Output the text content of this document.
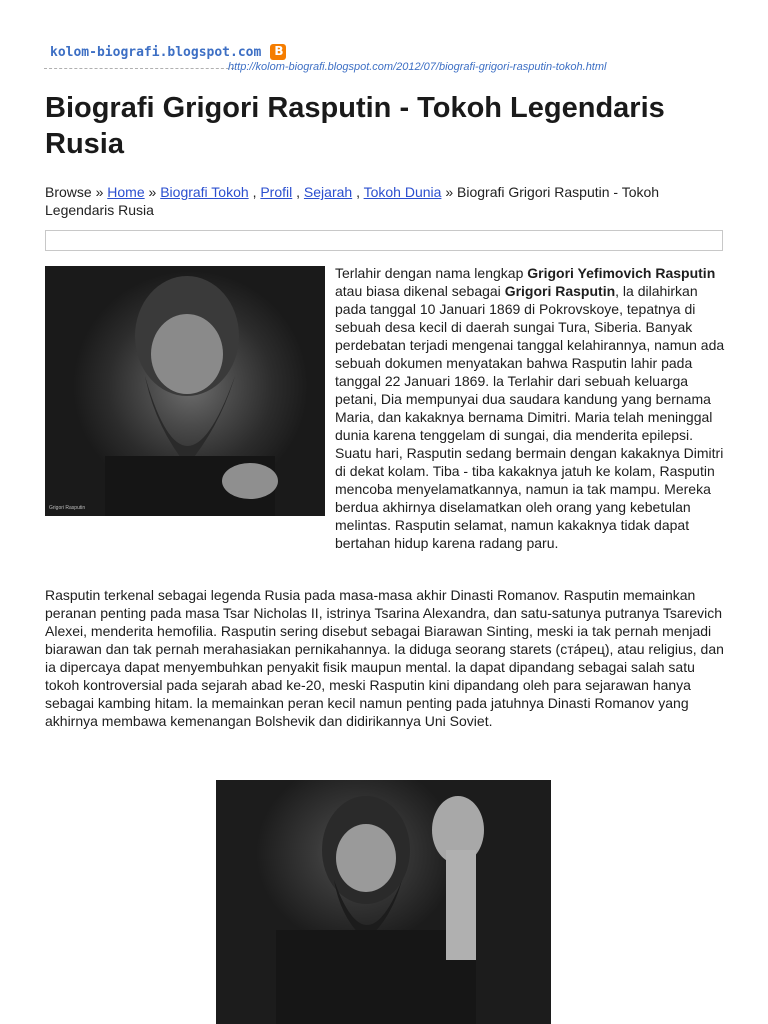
kolom-biografi.blogspot.com
B
http://kolom-biografi.blogspot.com/2012/07/biografi-grigori-rasputin-tokoh.html
Biografi Grigori Rasputin - Tokoh Legendaris Rusia
Browse » Home » Biografi Tokoh , Profil , Sejarah , Tokoh Dunia » Biografi Grigori Rasputin - Tokoh Legendaris Rusia

Terlahir dengan nama lengkap Grigori Yefimovich Rasputin atau biasa dikenal sebagai Grigori Rasputin, la dilahirkan pada tanggal 10 Januari 1869 di Pokrovskoye, tepatnya di sebuah desa kecil di daerah sungai Tura, Siberia. Banyak perdebatan terjadi mengenai tanggal kelahirannya, namun ada sebuah dokumen menyatakan bahwa Rasputin lahir pada tanggal 22 Januari 1869. la Terlahir dari sebuah keluarga petani, Dia mempunyai dua saudara kandung yang bernama Maria, dan kakaknya bernama Dimitri. Maria telah meninggal dunia karena tenggelam di sungai, dia menderita epilepsi. Suatu hari, Rasputin sedang bermain dengan kakaknya Dimitri di dekat kolam. Tiba - tiba kakaknya jatuh ke kolam, Rasputin mencoba menyelamatkannya, namun ia tak mampu. Mereka berdua akhirnya diselamatkan oleh orang yang kebetulan melintas. Rasputin selamat, namun kakaknya tidak dapat bertahan hidup karena radang paru.

Rasputin terkenal sebagai legenda Rusia pada masa-masa akhir Dinasti Romanov. Rasputin memainkan peranan penting pada masa Tsar Nicholas II, istrinya Tsarina Alexandra, dan satu-satunya putranya Tsarevich Alexei, menderita hemofilia. Rasputin sering disebut sebagai Biarawan Sinting, meski ia tak pernah menjadi biarawan dan tak pernah merahasiakan pernikahannya. la diduga seorang starets (ста́рец), atau religius, dan ia dipercaya dapat menyembuhkan penyakit fisik maupun mental. la dapat dipandang sebagai salah satu tokoh kontroversial pada sejarah abad ke-20, meski Rasputin kini dipandang oleh para sejarawan hanya sebagai kambing hitam. la memainkan peran kecil namun penting pada jatuhnya Dinasti Romanov yang akhirnya membawa kemenangan Bolshevik dan didirikannya Uni Soviet.

Grigori Rasputin
